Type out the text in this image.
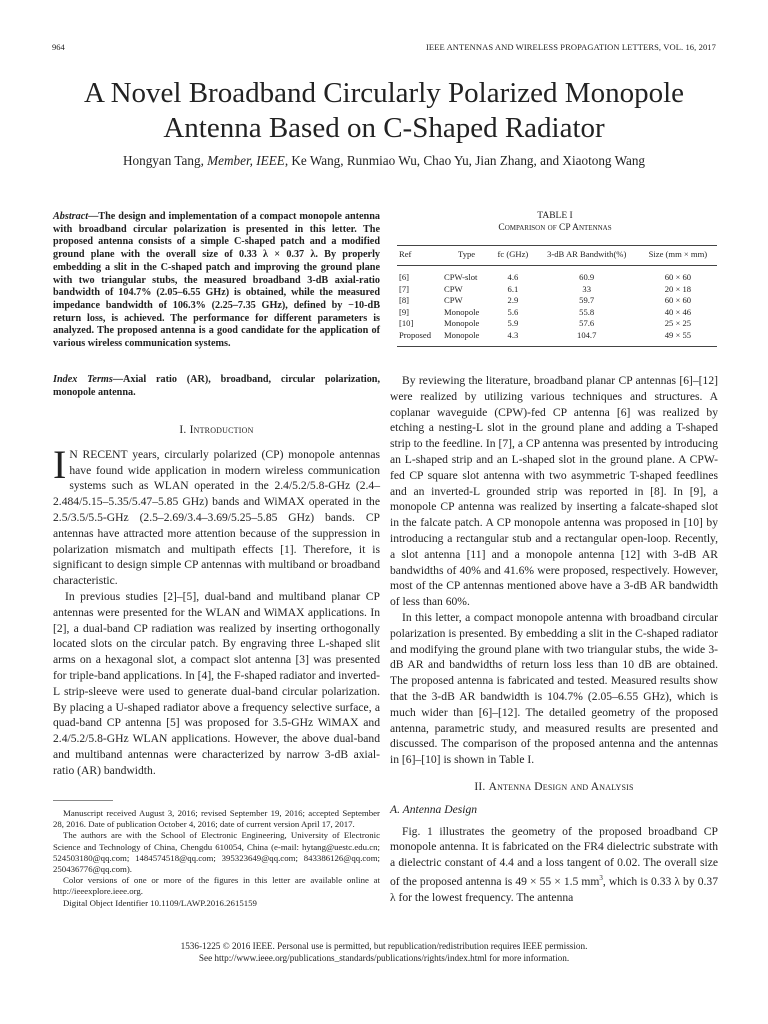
964	IEEE ANTENNAS AND WIRELESS PROPAGATION LETTERS, VOL. 16, 2017
A Novel Broadband Circularly Polarized Monopole
Antenna Based on C-Shaped Radiator
Hongyan Tang, Member, IEEE, Ke Wang, Runmiao Wu, Chao Yu, Jian Zhang, and Xiaotong Wang
Abstract—The design and implementation of a compact monopole antenna with broadband circular polarization is presented in this letter. The proposed antenna consists of a simple C-shaped patch and a modified ground plane with the overall size of 0.33 λ × 0.37 λ. By properly embedding a slit in the C-shaped patch and improving the ground plane with two triangular stubs, the measured broadband 3-dB axial-ratio bandwidth of 104.7% (2.05–6.55 GHz) is obtained, while the measured impedance bandwidth of 106.3% (2.25–7.35 GHz), defined by −10-dB return loss, is achieved. The performance for different parameters is analyzed. The proposed antenna is a good candidate for the application of various wireless communication systems.
Index Terms—Axial ratio (AR), broadband, circular polarization, monopole antenna.
I. Introduction

I N RECENT years, circularly polarized (CP) monopole antennas have found wide application in modern wireless communication systems such as WLAN operated in the 2.4/5.2/5.8-GHz (2.4–2.484/5.15–5.35/5.47–5.85 GHz) bands and WiMAX operated in the 2.5/3.5/5.5-GHz (2.5–2.69/3.4–3.69/5.25–5.85 GHz) bands. CP antennas have attracted more attention because of the suppression in polarization mismatch and multipath effects [1]. Therefore, it is significant to design simple CP antennas with multiband or broadband characteristic.

In previous studies [2]–[5], dual-band and multiband planar CP antennas were presented for the WLAN and WiMAX applications. In [2], a dual-band CP radiation was realized by inserting orthogonally located slots on the circular patch. By engraving three L-shaped slit arms on a hexagonal slot, a compact slot antenna [3] was presented for triple-band applications. In [4], the F-shaped radiator and inverted-L strip-sleeve were used to generate dual-band circular polarization. By placing a U-shaped radiator above a frequency selective surface, a quad-band CP antenna [5] was proposed for 3.5-GHz WiMAX and 2.4/5.2/5.8-GHz WLAN applications. However, the above dual-band and multiband antennas were characterized by narrow 3-dB axial-ratio (AR) bandwidth.

Manuscript received August 3, 2016; revised September 19, 2016; accepted September 28, 2016. Date of publication October 4, 2016; date of current version April 17, 2017.

The authors are with the School of Electronic Engineering, University of Electronic Science and Technology of China, Chengdu 610054, China (e-mail: hytang@uestc.edu.cn; 524503180@qq.com; 1484574518@qq.com; 395323649@qq.com; 843386126@qq.com; 250436776@qq.com).

Color versions of one or more of the figures in this letter are available online at http://ieeexplore.ieee.org.

Digital Object Identifier 10.1109/LAWP.2016.2615159

TABLE I
Comparison of CP Antennas
Ref	Type	fc (GHz)	3-dB AR Bandwith(%)	Size (mm × mm)
[6]	CPW-slot	4.6	60.9	60 × 60
[7]	CPW	6.1	33	20 × 18
[8]	CPW	2.9	59.7	60 × 60
[9]	Monopole	5.6	55.8	40 × 46
[10]	Monopole	5.9	57.6	25 × 25
Proposed	Monopole	4.3	104.7	49 × 55

By reviewing the literature, broadband planar CP antennas [6]–[12] were realized by utilizing various techniques and structures. A coplanar waveguide (CPW)-fed CP antenna [6] was realized by etching a nesting-L slot in the ground plane and adding a T-shaped strip to the feedline. In [7], a CP antenna was presented by introducing an L-shaped strip and an L-shaped slot in the ground plane. A CPW-fed CP square slot antenna with two asymmetric T-shaped feedlines and an inverted-L grounded strip was reported in [8]. In [9], a monopole CP antenna was realized by inserting a falcate-shaped slot in the falcate patch. A CP monopole antenna was proposed in [10] by introducing a rectangular stub and a rectangular open-loop. Recently, a slot antenna [11] and a monopole antenna [12] with 3-dB AR bandwidths of 40% and 41.6% were proposed, respectively. However, most of the CP antennas mentioned above have a 3-dB AR bandwidth of less than 60%.

In this letter, a compact monopole antenna with broadband circular polarization is presented. By embedding a slit in the C-shaped radiator and modifying the ground plane with two triangular stubs, the wide 3-dB AR and bandwidths of return loss less than 10 dB are obtained. The proposed antenna is fabricated and tested. Measured results show that the 3-dB AR bandwidth is 104.7% (2.05–6.55 GHz), which is much wider than [6]–[12]. The detailed geometry of the proposed antenna, parametric study, and measured results are presented and discussed. The comparison of the proposed antenna and the antennas in [6]–[10] is shown in Table I.

II. Antenna Design and Analysis

A. Antenna Design

Fig. 1 illustrates the geometry of the proposed broadband CP monopole antenna. It is fabricated on the FR4 dielectric substrate with a dielectric constant of 4.4 and a loss tangent of 0.02. The overall size of the proposed antenna is 49 × 55 × 1.5 $mm^3$, which is 0.33 λ by 0.37 λ for the lowest frequency. The antenna

1536-1225 © 2016 IEEE. Personal use is permitted, but republication/redistribution requires IEEE permission.
See http://www.ieee.org/publications_standards/publications/rights/index.html for more information.
